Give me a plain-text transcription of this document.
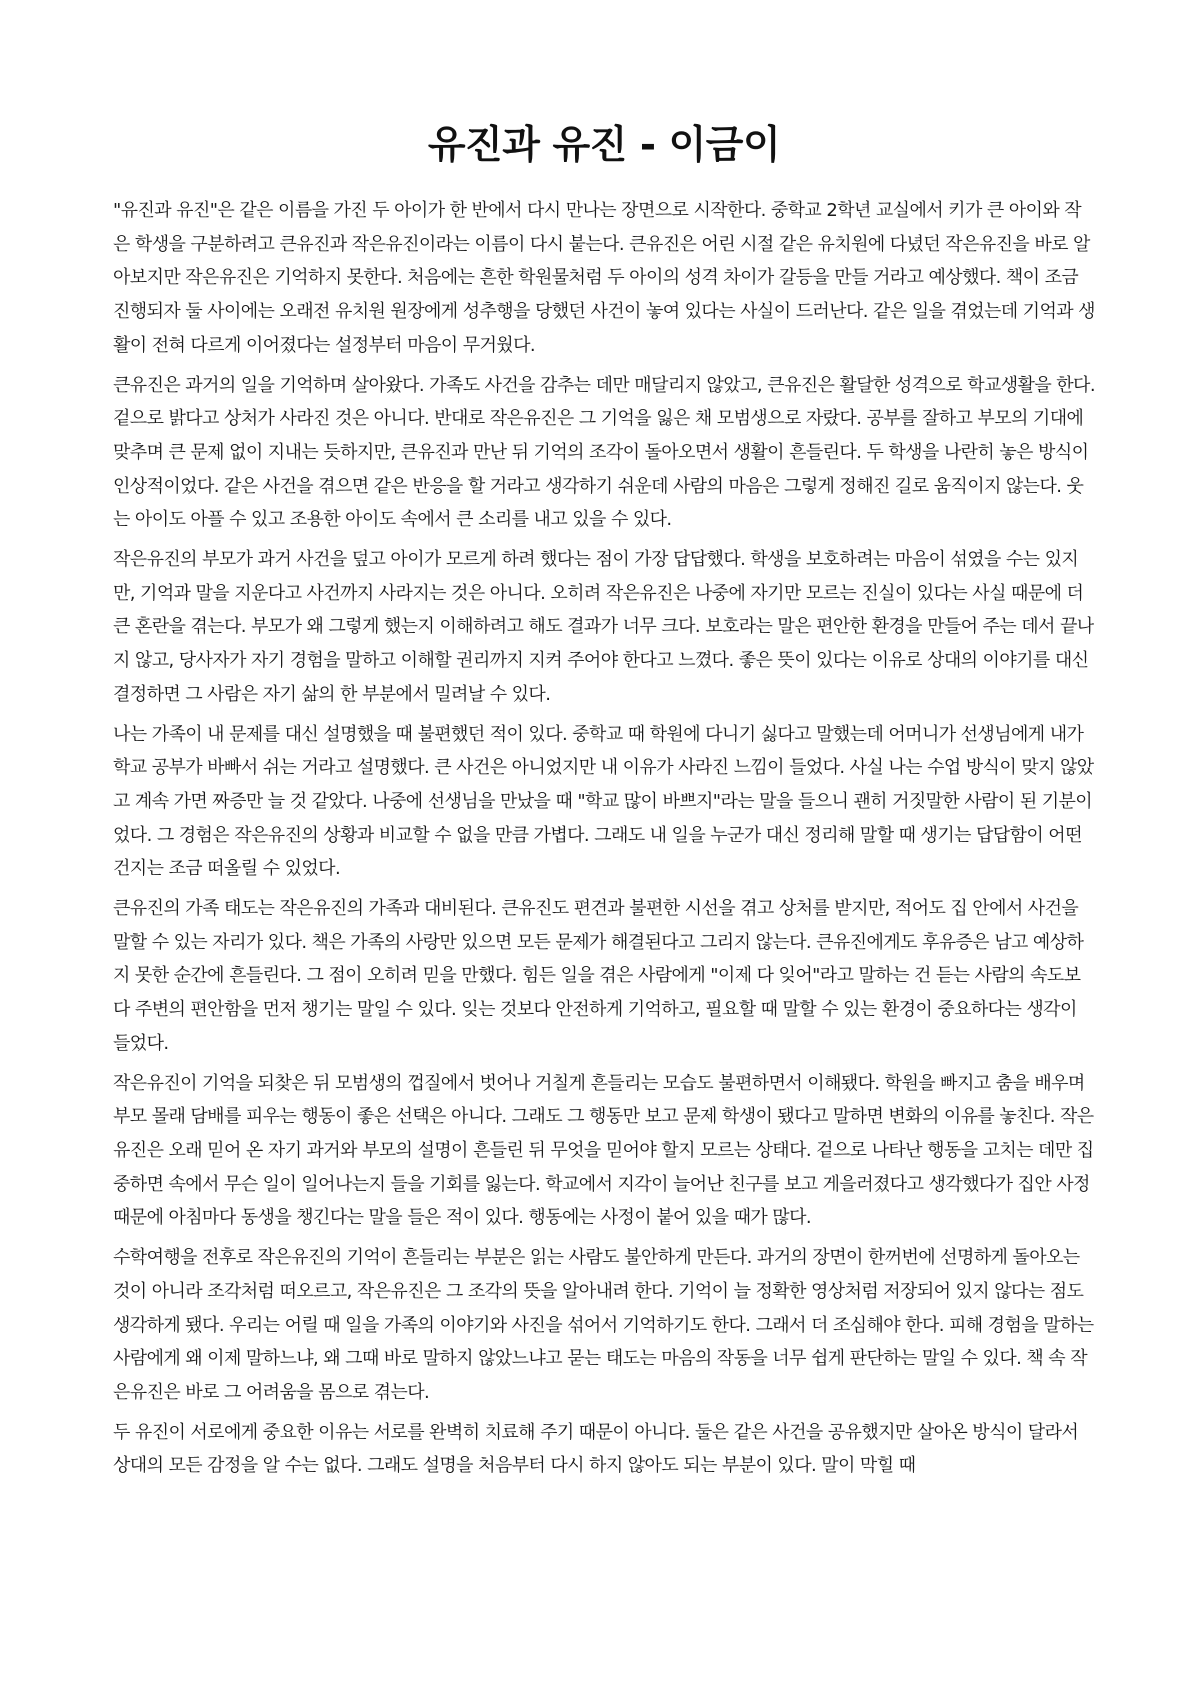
유진과 유진 - 이금이

"유진과 유진"은 같은 이름을 가진 두 아이가 한 반에서 다시 만나는 장면으로 시작한다. 중학교 2학년 교실에서 키가 큰 아이와 작은 학생을 구분하려고 큰유진과 작은유진이라는 이름이 다시 붙는다. 큰유진은 어린 시절 같은 유치원에 다녔던 작은유진을 바로 알아보지만 작은유진은 기억하지 못한다. 처음에는 흔한 학원물처럼 두 아이의 성격 차이가 갈등을 만들 거라고 예상했다. 책이 조금 진행되자 둘 사이에는 오래전 유치원 원장에게 성추행을 당했던 사건이 놓여 있다는 사실이 드러난다. 같은 일을 겪었는데 기억과 생활이 전혀 다르게 이어졌다는 설정부터 마음이 무거웠다.

큰유진은 과거의 일을 기억하며 살아왔다. 가족도 사건을 감추는 데만 매달리지 않았고, 큰유진은 활달한 성격으로 학교생활을 한다. 겉으로 밝다고 상처가 사라진 것은 아니다. 반대로 작은유진은 그 기억을 잃은 채 모범생으로 자랐다. 공부를 잘하고 부모의 기대에 맞추며 큰 문제 없이 지내는 듯하지만, 큰유진과 만난 뒤 기억의 조각이 돌아오면서 생활이 흔들린다. 두 학생을 나란히 놓은 방식이 인상적이었다. 같은 사건을 겪으면 같은 반응을 할 거라고 생각하기 쉬운데 사람의 마음은 그렇게 정해진 길로 움직이지 않는다. 웃는 아이도 아플 수 있고 조용한 아이도 속에서 큰 소리를 내고 있을 수 있다.

작은유진의 부모가 과거 사건을 덮고 아이가 모르게 하려 했다는 점이 가장 답답했다. 학생을 보호하려는 마음이 섞였을 수는 있지만, 기억과 말을 지운다고 사건까지 사라지는 것은 아니다. 오히려 작은유진은 나중에 자기만 모르는 진실이 있다는 사실 때문에 더 큰 혼란을 겪는다. 부모가 왜 그렇게 했는지 이해하려고 해도 결과가 너무 크다. 보호라는 말은 편안한 환경을 만들어 주는 데서 끝나지 않고, 당사자가 자기 경험을 말하고 이해할 권리까지 지켜 주어야 한다고 느꼈다. 좋은 뜻이 있다는 이유로 상대의 이야기를 대신 결정하면 그 사람은 자기 삶의 한 부분에서 밀려날 수 있다.

나는 가족이 내 문제를 대신 설명했을 때 불편했던 적이 있다. 중학교 때 학원에 다니기 싫다고 말했는데 어머니가 선생님에게 내가 학교 공부가 바빠서 쉬는 거라고 설명했다. 큰 사건은 아니었지만 내 이유가 사라진 느낌이 들었다. 사실 나는 수업 방식이 맞지 않았고 계속 가면 짜증만 늘 것 같았다. 나중에 선생님을 만났을 때 "학교 많이 바쁘지"라는 말을 들으니 괜히 거짓말한 사람이 된 기분이었다. 그 경험은 작은유진의 상황과 비교할 수 없을 만큼 가볍다. 그래도 내 일을 누군가 대신 정리해 말할 때 생기는 답답함이 어떤 건지는 조금 떠올릴 수 있었다.

큰유진의 가족 태도는 작은유진의 가족과 대비된다. 큰유진도 편견과 불편한 시선을 겪고 상처를 받지만, 적어도 집 안에서 사건을 말할 수 있는 자리가 있다. 책은 가족의 사랑만 있으면 모든 문제가 해결된다고 그리지 않는다. 큰유진에게도 후유증은 남고 예상하지 못한 순간에 흔들린다. 그 점이 오히려 믿을 만했다. 힘든 일을 겪은 사람에게 "이제 다 잊어"라고 말하는 건 듣는 사람의 속도보다 주변의 편안함을 먼저 챙기는 말일 수 있다. 잊는 것보다 안전하게 기억하고, 필요할 때 말할 수 있는 환경이 중요하다는 생각이 들었다.

작은유진이 기억을 되찾은 뒤 모범생의 껍질에서 벗어나 거칠게 흔들리는 모습도 불편하면서 이해됐다. 학원을 빠지고 춤을 배우며 부모 몰래 담배를 피우는 행동이 좋은 선택은 아니다. 그래도 그 행동만 보고 문제 학생이 됐다고 말하면 변화의 이유를 놓친다. 작은유진은 오래 믿어 온 자기 과거와 부모의 설명이 흔들린 뒤 무엇을 믿어야 할지 모르는 상태다. 겉으로 나타난 행동을 고치는 데만 집중하면 속에서 무슨 일이 일어나는지 들을 기회를 잃는다. 학교에서 지각이 늘어난 친구를 보고 게을러졌다고 생각했다가 집안 사정 때문에 아침마다 동생을 챙긴다는 말을 들은 적이 있다. 행동에는 사정이 붙어 있을 때가 많다.

수학여행을 전후로 작은유진의 기억이 흔들리는 부분은 읽는 사람도 불안하게 만든다. 과거의 장면이 한꺼번에 선명하게 돌아오는 것이 아니라 조각처럼 떠오르고, 작은유진은 그 조각의 뜻을 알아내려 한다. 기억이 늘 정확한 영상처럼 저장되어 있지 않다는 점도 생각하게 됐다. 우리는 어릴 때 일을 가족의 이야기와 사진을 섞어서 기억하기도 한다. 그래서 더 조심해야 한다. 피해 경험을 말하는 사람에게 왜 이제 말하느냐, 왜 그때 바로 말하지 않았느냐고 묻는 태도는 마음의 작동을 너무 쉽게 판단하는 말일 수 있다. 책 속 작은유진은 바로 그 어려움을 몸으로 겪는다.

두 유진이 서로에게 중요한 이유는 서로를 완벽히 치료해 주기 때문이 아니다. 둘은 같은 사건을 공유했지만 살아온 방식이 달라서 상대의 모든 감정을 알 수는 없다. 그래도 설명을 처음부터 다시 하지 않아도 되는 부분이 있다. 말이 막힐 때
